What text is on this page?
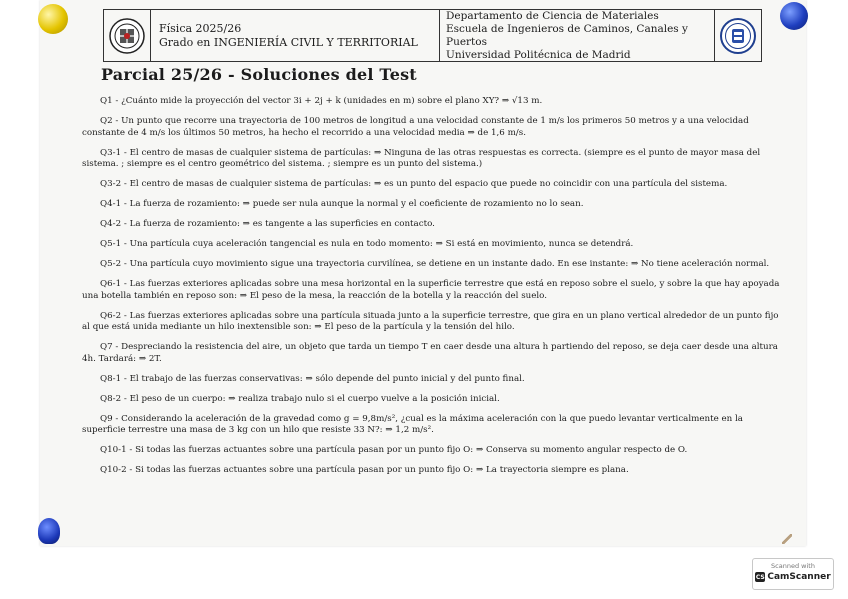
Física 2025/26
Grado en INGENIERÍA CIVIL Y TERRITORIAL
Departamento de Ciencia de Materiales
Escuela de Ingenieros de Caminos, Canales y Puertos
Universidad Politécnica de Madrid
Parcial 25/26 - Soluciones del Test

Q1 - ¿Cuánto mide la proyección del vector 3i + 2j + k (unidades en m) sobre el plano XY? ⇒ √13 m.

Q2 - Un punto que recorre una trayectoria de 100 metros de longitud a una velocidad constante de 1 m/s los primeros 50 metros y a una velocidad constante de 4 m/s los últimos 50 metros, ha hecho el recorrido a una velocidad media ⇒ de 1,6 m/s.

Q3-1 - El centro de masas de cualquier sistema de partículas: ⇒ Ninguna de las otras respuestas es correcta. (siempre es el punto de mayor masa del sistema. ; siempre es el centro geométrico del sistema. ; siempre es un punto del sistema.)

Q3-2 - El centro de masas de cualquier sistema de partículas: ⇒ es un punto del espacio que puede no coincidir con una partícula del sistema.

Q4-1 - La fuerza de rozamiento: ⇒ puede ser nula aunque la normal y el coeficiente de rozamiento no lo sean.

Q4-2 - La fuerza de rozamiento: ⇒ es tangente a las superficies en contacto.

Q5-1 - Una partícula cuya aceleración tangencial es nula en todo momento: ⇒ Si está en movimiento, nunca se detendrá.

Q5-2 - Una partícula cuyo movimiento sigue una trayectoria curvilínea, se detiene en un instante dado. En ese instante: ⇒ No tiene aceleración normal.

Q6-1 - Las fuerzas exteriores aplicadas sobre una mesa horizontal en la superficie terrestre que está en reposo sobre el suelo, y sobre la que hay apoyada una botella también en reposo son: ⇒ El peso de la mesa, la reacción de la botella y la reacción del suelo.

Q6-2 - Las fuerzas exteriores aplicadas sobre una partícula situada junto a la superficie terrestre, que gira en un plano vertical alrededor de un punto fijo al que está unida mediante un hilo inextensible son: ⇒ El peso de la partícula y la tensión del hilo.

Q7 - Despreciando la resistencia del aire, un objeto que tarda un tiempo T en caer desde una altura h partiendo del reposo, se deja caer desde una altura 4h. Tardará: ⇒ 2T.

Q8-1 - El trabajo de las fuerzas conservativas: ⇒ sólo depende del punto inicial y del punto final.

Q8-2 - El peso de un cuerpo: ⇒ realiza trabajo nulo si el cuerpo vuelve a la posición inicial.

Q9 - Considerando la aceleración de la gravedad como g = 9,8m/s², ¿cual es la máxima aceleración con la que puedo levantar verticalmente en la superficie terrestre una masa de 3 kg con un hilo que resiste 33 N?: ⇒ 1,2 m/s².

Q10-1 - Si todas las fuerzas actuantes sobre una partícula pasan por un punto fijo O: ⇒ Conserva su momento angular respecto de O.

Q10-2 - Si todas las fuerzas actuantes sobre una partícula pasan por un punto fijo O: ⇒ La trayectoria siempre es plana.

Scanned with
CS CamScanner
